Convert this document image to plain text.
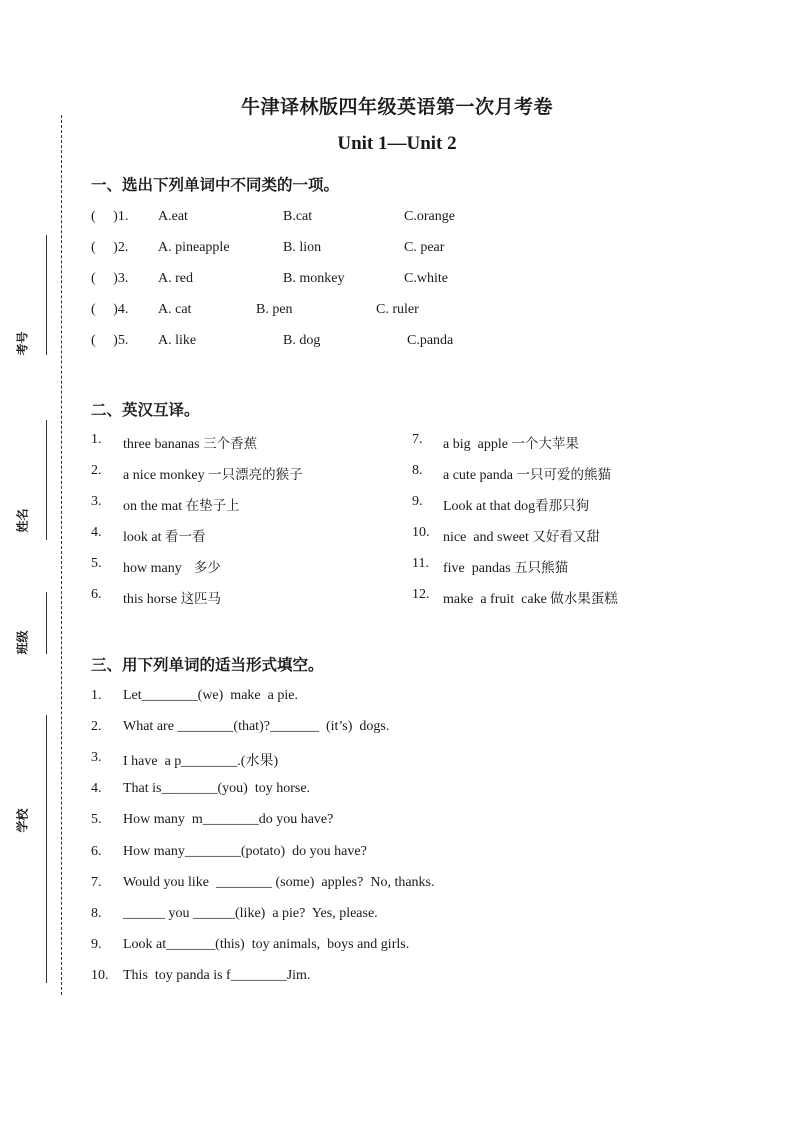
考号
姓名
班级
学校
牛津译林版四年级英语第一次月考卷
Unit 1—Unit 2
一、选出下列单词中不同类的一项。
(     )1. A.eat	B.cat	C.orange
(     )2. A. pineapple	B. lion	C. pear
(     )3. A. red	B. monkey	C.white
(     )4. A. cat	B. pen	C. ruler
(     )5. A. like	B. dog	C.panda
二、英汉互译。
1. three bananas 三个香蕉
2. a nice monkey 一只漂亮的猴子
3. on the mat 在垫子上
4. look at 看一看
5. how many   多少
6. this horse 这匹马
7. a big  apple 一个大苹果
8. a cute panda 一只可爱的熊猫
9. Look at that dog看那只狗
10. nice  and sweet 又好看又甜
11. five  pandas 五只熊猫
12. make  a fruit  cake 做水果蛋糕
三、用下列单词的适当形式填空。
1. Let________(we)  make  a pie.
2. What are ________(that)?_______  (it’s)  dogs.
3. I have  a p________.(水果)
4. That is________(you)  toy horse.
5. How many  m________do you have?
6. How many________(potato)  do you have?
7. Would you like  ________ (some)  apples?  No, thanks.
8. ______ you ______(like)  a pie?  Yes, please.
9. Look at_______(this)  toy animals,  boys and girls.
10. This  toy panda is f________Jim.
